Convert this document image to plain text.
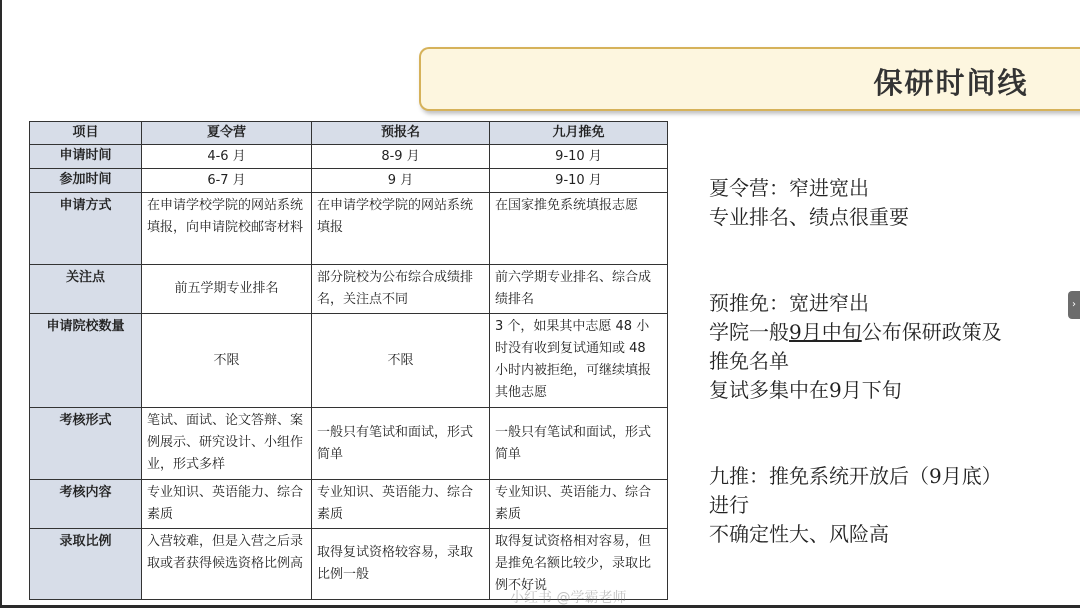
保研时间线
项目	夏令营	预报名	九月推免
申请时间	4-6 月	8-9 月	9-10 月
参加时间	6-7 月	9 月	9-10 月
申请方式	在申请学校学院的网站系统填报，向申请院校邮寄材料	在申请学校学院的网站系统填报	在国家推免系统填报志愿
关注点	前五学期专业排名	部分院校为公布综合成绩排名，关注点不同	前六学期专业排名、综合成绩排名
申请院校数量	不限	不限	3 个，如果其中志愿 48 小时没有收到复试通知或 48 小时内被拒绝，可继续填报其他志愿
考核形式	笔试、面试、论文答辩、案例展示、研究设计、小组作业，形式多样	一般只有笔试和面试，形式简单	一般只有笔试和面试，形式简单
考核内容	专业知识、英语能力、综合素质	专业知识、英语能力、综合素质	专业知识、英语能力、综合素质
录取比例	入营较难，但是入营之后录取或者获得候选资格比例高	取得复试资格较容易，录取比例一般	取得复试资格相对容易，但是推免名额比较少，录取比例不好说
夏令营：窄进宽出
专业排名、绩点很重要
预推免：宽进窄出
学院一般9月中旬公布保研政策及
推免名单
复试多集中在9月下旬
九推：推免系统开放后（9月底）
进行
不确定性大、风险高
›
小红书 @学霸老师
